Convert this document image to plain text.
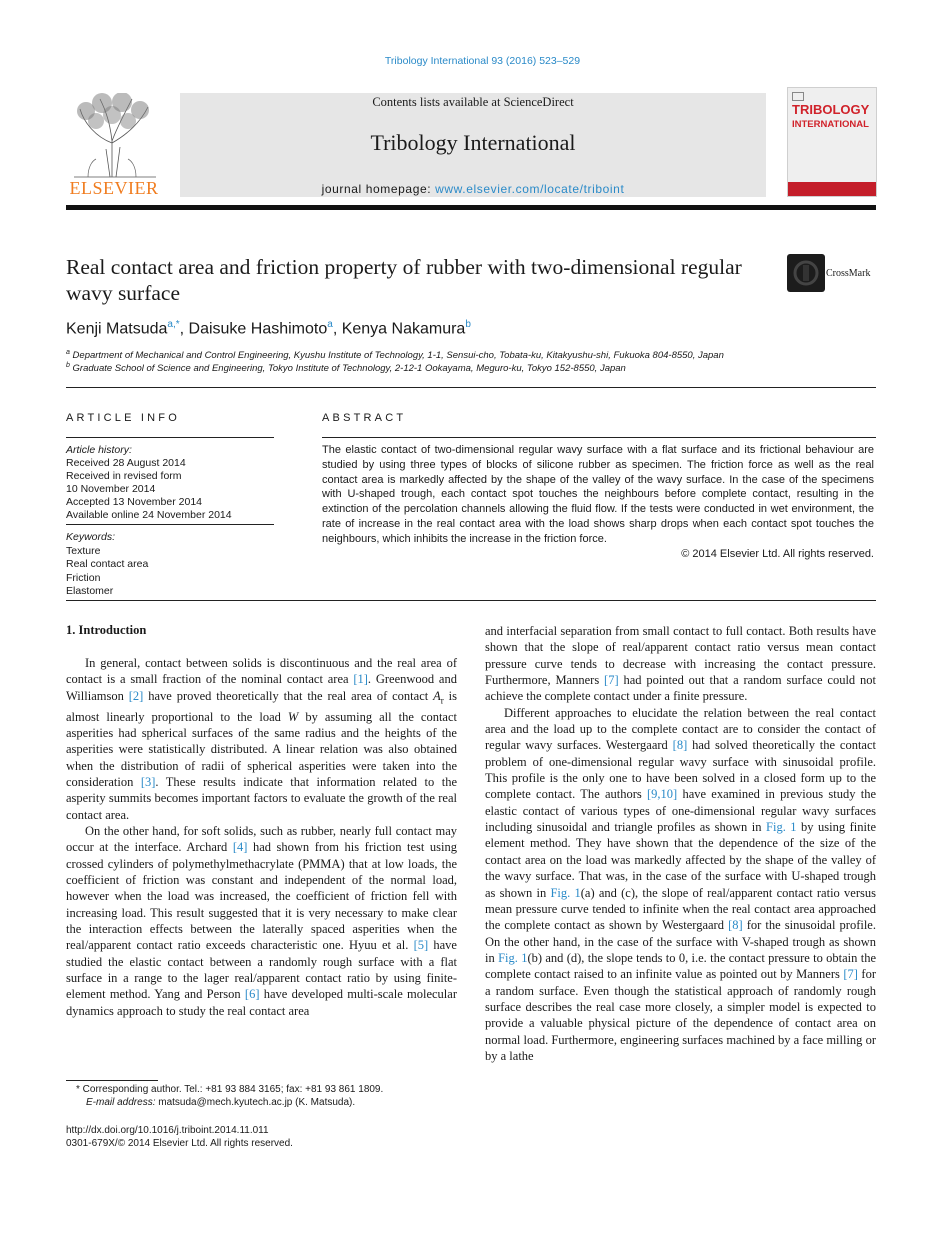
Tribology International 93 (2016) 523–529
ELSEVIER
Contents lists available at ScienceDirect
Tribology International
journal homepage: www.elsevier.com/locate/triboint
TRIBOLOGY
INTERNATIONAL
Real contact area and friction property of rubber with two-dimensional regular wavy surface
CrossMark
Kenji Matsuda$^{a,*}$, Daisuke Hashimoto$^a$, Kenya Nakamura$^b$
$^a$ Department of Mechanical and Control Engineering, Kyushu Institute of Technology, 1-1, Sensui-cho, Tobata-ku, Kitakyushu-shi, Fukuoka 804-8550, Japan
$^b$ Graduate School of Science and Engineering, Tokyo Institute of Technology, 2-12-1 Ookayama, Meguro-ku, Tokyo 152-8550, Japan
ARTICLE INFO	ABSTRACT
Article history:
Received 28 August 2014
Received in revised form
10 November 2014
Accepted 13 November 2014
Available online 24 November 2014
Keywords:
Texture
Real contact area
Friction
Elastomer
The elastic contact of two-dimensional regular wavy surface with a flat surface and its frictional behaviour are studied by using three types of blocks of silicone rubber as specimen. The friction force as well as the real contact area is markedly affected by the shape of the valley of the wavy surface. In the case of the specimens with U-shaped trough, each contact spot touches the neighbours before complete contact, resulting in the extinction of the percolation channels allowing the fluid flow. If the tests were conducted in wet environment, the rate of increase in the real contact area with the load shows sharp drops when each contact spot touches the neighbours, which inhibits the increase in the friction force.
© 2014 Elsevier Ltd. All rights reserved.
1. Introduction

In general, contact between solids is discontinuous and the real area of contact is a small fraction of the nominal contact area [1]. Greenwood and Williamson [2] have proved theoretically that the real area of contact $A_r$ is almost linearly proportional to the load W by assuming all the contact asperities had spherical surfaces of the same radius and the heights of the asperities were statistically distributed. A linear relation was also obtained when the distribution of radii of spherical asperities were taken into the consideration [3]. These results indicate that information related to the asperity summits becomes important factors to evaluate the growth of the real contact area.

On the other hand, for soft solids, such as rubber, nearly full contact may occur at the interface. Archard [4] had shown from his friction test using crossed cylinders of polymethylmethacrylate (PMMA) that at low loads, the coefficient of friction was constant and independent of the normal load, however when the load was increased, the coefficient of friction fell with increasing load. This result suggested that it is very necessary to make clear the interaction effects between the laterally spaced asperities when the real/apparent contact ratio exceeds characteristic one. Hyuu et al. [5] have studied the elastic contact between a randomly rough surface with a flat surface in a range to the lager real/apparent contact ratio by using finite-element method. Yang and Person [6] have developed multi-scale molecular dynamics approach to study the real contact area

and interfacial separation from small contact to full contact. Both results have shown that the slope of real/apparent contact ratio versus mean contact pressure curve tends to decrease with increasing the contact pressure. Furthermore, Manners [7] had pointed out that a random surface could not achieve the complete contact under a finite pressure.

Different approaches to elucidate the relation between the real contact area and the load up to the complete contact are to consider the contact of regular wavy surfaces. Westergaard [8] had solved theoretically the contact problem of one-dimensional regular wavy surface with sinusoidal profile. This profile is the only one to have been solved in a closed form up to the complete contact. The authors [9,10] have examined in previous study the elastic contact of various types of one-dimensional regular wavy surfaces including sinusoidal and triangle profiles as shown in Fig. 1 by using finite element method. They have shown that the dependence of the size of the contact area on the load was markedly affected by the shape of the valley of the wavy surface. That was, in the case of the surface with U-shaped trough as shown in Fig. 1(a) and (c), the slope of real/apparent contact ratio versus mean pressure curve tended to infinite when the real contact area approached the complete contact as shown by Westergaard [8] for the sinusoidal profile. On the other hand, in the case of the surface with V-shaped trough as shown in Fig. 1(b) and (d), the slope tends to 0, i.e. the contact pressure to obtain the complete contact raised to an infinite value as pointed out by Manners [7] for a random surface. Even though the statistical approach of randomly rough surface describes the real case more closely, a simpler model is expected to provide a valuable physical picture of the dependence of contact area on normal load. Furthermore, engineering surfaces machined by a face milling or by a lathe

* Corresponding author. Tel.: +81 93 884 3165; fax: +81 93 861 1809.
E-mail address: matsuda@mech.kyutech.ac.jp (K. Matsuda).
http://dx.doi.org/10.1016/j.triboint.2014.11.011
0301-679X/© 2014 Elsevier Ltd. All rights reserved.
